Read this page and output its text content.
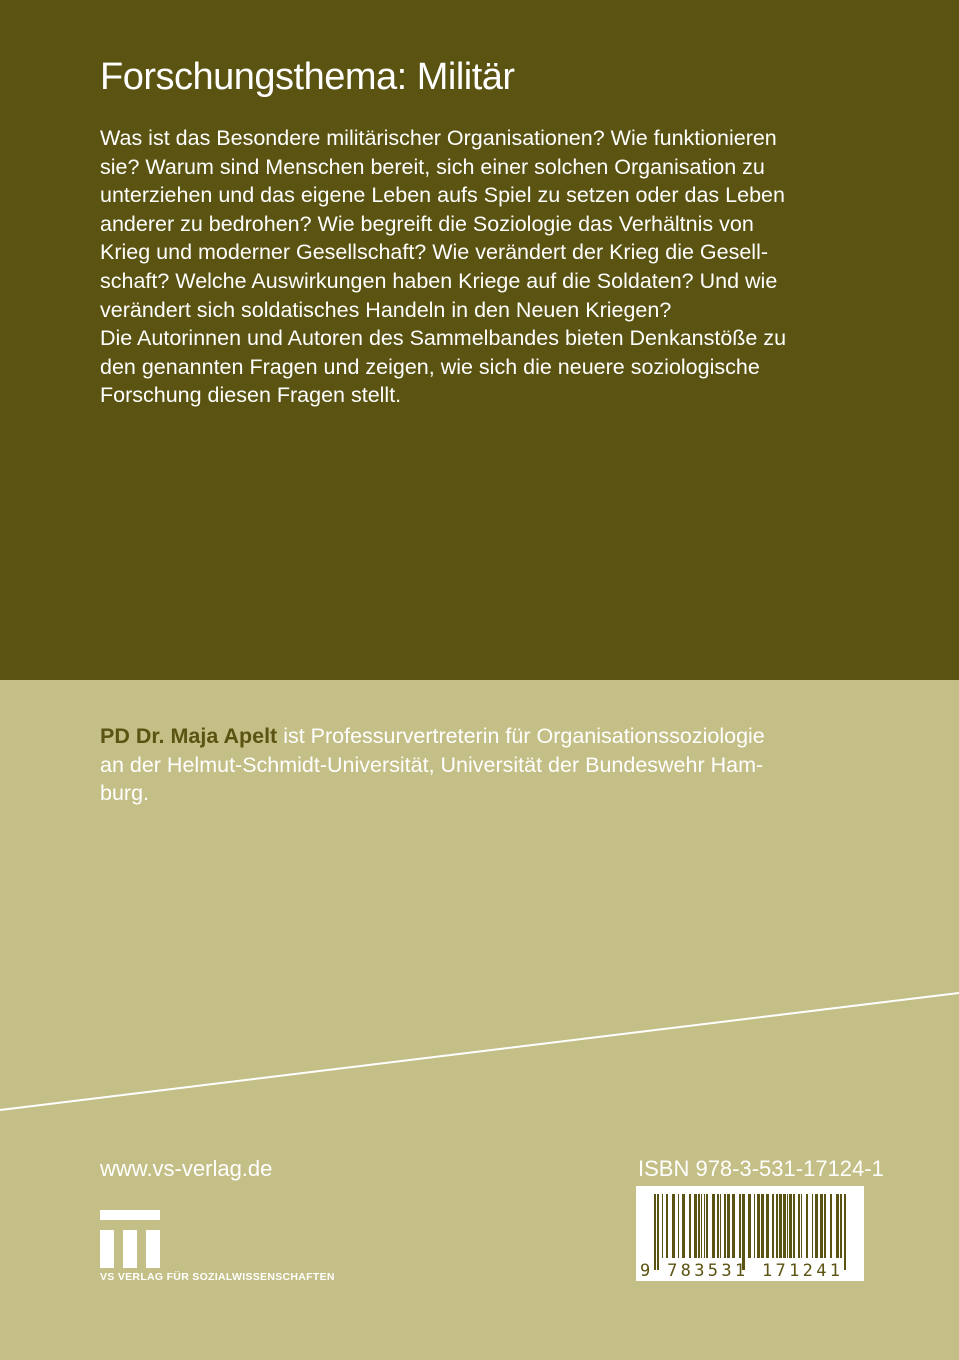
Forschungsthema: Militär
Was ist das Besondere militärischer Organisationen? Wie funktionieren
sie? Warum sind Menschen bereit, sich einer solchen Organisation zu
unterziehen und das eigene Leben aufs Spiel zu setzen oder das Leben
anderer zu bedrohen? Wie begreift die Soziologie das Verhältnis von
Krieg und moderner Gesellschaft? Wie verändert der Krieg die Gesell-
schaft? Welche Auswirkungen haben Kriege auf die Soldaten? Und wie
verändert sich soldatisches Handeln in den Neuen Kriegen?
Die Autorinnen und Autoren des Sammelbandes bieten Denkanstöße zu
den genannten Fragen und zeigen, wie sich die neuere soziologische
Forschung diesen Fragen stellt.
PD Dr. Maja Apelt ist Professurvertreterin für Organisationssoziologie
an der Helmut-Schmidt-Universität, Universität der Bundeswehr Ham-
burg.
www.vs-verlag.de
VS VERLAG FÜR SOZIALWISSENSCHAFTEN
ISBN 978-3-531-17124-1
9 783531 171241
